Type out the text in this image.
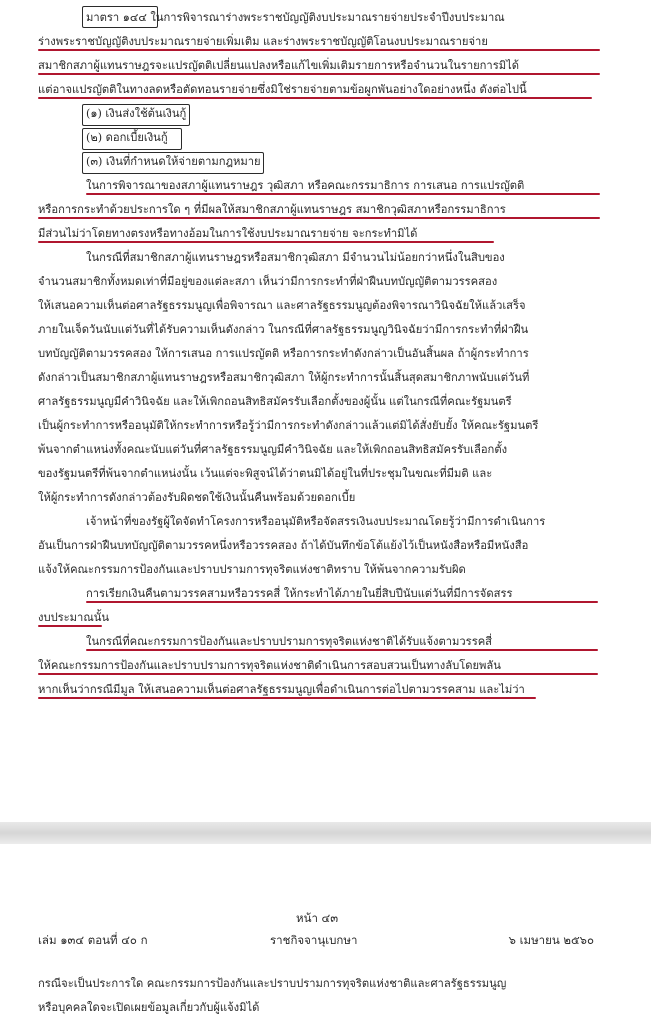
มาตรา ๑๔๔ ในการพิจารณาร่างพระราชบัญญัติงบประมาณรายจ่ายประจำปีงบประมาณ
ร่างพระราชบัญญัติงบประมาณรายจ่ายเพิ่มเติม และร่างพระราชบัญญัติโอนงบประมาณรายจ่าย
สมาชิกสภาผู้แทนราษฎรจะแปรญัตติเปลี่ยนแปลงหรือแก้ไขเพิ่มเติมรายการหรือจำนวนในรายการมิได้
แต่อาจแปรญัตติในทางลดหรือตัดทอนรายจ่ายซึ่งมิใช่รายจ่ายตามข้อผูกพันอย่างใดอย่างหนึ่ง ดังต่อไปนี้
(๑) เงินส่งใช้ต้นเงินกู้
(๒) ดอกเบี้ยเงินกู้
(๓) เงินที่กำหนดให้จ่ายตามกฎหมาย
ในการพิจารณาของสภาผู้แทนราษฎร วุฒิสภา หรือคณะกรรมาธิการ การเสนอ การแปรญัตติ
หรือการกระทำด้วยประการใด ๆ ที่มีผลให้สมาชิกสภาผู้แทนราษฎร สมาชิกวุฒิสภาหรือกรรมาธิการ
มีส่วนไม่ว่าโดยทางตรงหรือทางอ้อมในการใช้งบประมาณรายจ่าย จะกระทำมิได้
ในกรณีที่สมาชิกสภาผู้แทนราษฎรหรือสมาชิกวุฒิสภา มีจำนวนไม่น้อยกว่าหนึ่งในสิบของ
จำนวนสมาชิกทั้งหมดเท่าที่มีอยู่ของแต่ละสภา เห็นว่ามีการกระทำที่ฝ่าฝืนบทบัญญัติตามวรรคสอง
ให้เสนอความเห็นต่อศาลรัฐธรรมนูญเพื่อพิจารณา และศาลรัฐธรรมนูญต้องพิจารณาวินิจฉัยให้แล้วเสร็จ
ภายในเจ็ดวันนับแต่วันที่ได้รับความเห็นดังกล่าว ในกรณีที่ศาลรัฐธรรมนูญวินิจฉัยว่ามีการกระทำที่ฝ่าฝืน
บทบัญญัติตามวรรคสอง ให้การเสนอ การแปรญัตติ หรือการกระทำดังกล่าวเป็นอันสิ้นผล ถ้าผู้กระทำการ
ดังกล่าวเป็นสมาชิกสภาผู้แทนราษฎรหรือสมาชิกวุฒิสภา ให้ผู้กระทำการนั้นสิ้นสุดสมาชิกภาพนับแต่วันที่
ศาลรัฐธรรมนูญมีคำวินิจฉัย และให้เพิกถอนสิทธิสมัครรับเลือกตั้งของผู้นั้น แต่ในกรณีที่คณะรัฐมนตรี
เป็นผู้กระทำการหรืออนุมัติให้กระทำการหรือรู้ว่ามีการกระทำดังกล่าวแล้วแต่มิได้สั่งยับยั้ง ให้คณะรัฐมนตรี
พ้นจากตำแหน่งทั้งคณะนับแต่วันที่ศาลรัฐธรรมนูญมีคำวินิจฉัย และให้เพิกถอนสิทธิสมัครรับเลือกตั้ง
ของรัฐมนตรีที่พ้นจากตำแหน่งนั้น เว้นแต่จะพิสูจน์ได้ว่าตนมิได้อยู่ในที่ประชุมในขณะที่มีมติ และ
ให้ผู้กระทำการดังกล่าวต้องรับผิดชดใช้เงินนั้นคืนพร้อมด้วยดอกเบี้ย
เจ้าหน้าที่ของรัฐผู้ใดจัดทำโครงการหรืออนุมัติหรือจัดสรรเงินงบประมาณโดยรู้ว่ามีการดำเนินการ
อันเป็นการฝ่าฝืนบทบัญญัติตามวรรคหนึ่งหรือวรรคสอง ถ้าได้บันทึกข้อโต้แย้งไว้เป็นหนังสือหรือมีหนังสือ
แจ้งให้คณะกรรมการป้องกันและปราบปรามการทุจริตแห่งชาติทราบ ให้พ้นจากความรับผิด
การเรียกเงินคืนตามวรรคสามหรือวรรคสี่ ให้กระทำได้ภายในยี่สิบปีนับแต่วันที่มีการจัดสรร
งบประมาณนั้น
ในกรณีที่คณะกรรมการป้องกันและปราบปรามการทุจริตแห่งชาติได้รับแจ้งตามวรรคสี่
ให้คณะกรรมการป้องกันและปราบปรามการทุจริตแห่งชาติดำเนินการสอบสวนเป็นทางลับโดยพลัน
หากเห็นว่ากรณีมีมูล ให้เสนอความเห็นต่อศาลรัฐธรรมนูญเพื่อดำเนินการต่อไปตามวรรคสาม และไม่ว่า
หน้า ๔๓
เล่ม ๑๓๔ ตอนที่ ๔๐ ก	ราชกิจจานุเบกษา	๖ เมษายน ๒๕๖๐
กรณีจะเป็นประการใด คณะกรรมการป้องกันและปราบปรามการทุจริตแห่งชาติและศาลรัฐธรรมนูญ
หรือบุคคลใดจะเปิดเผยข้อมูลเกี่ยวกับผู้แจ้งมิได้
